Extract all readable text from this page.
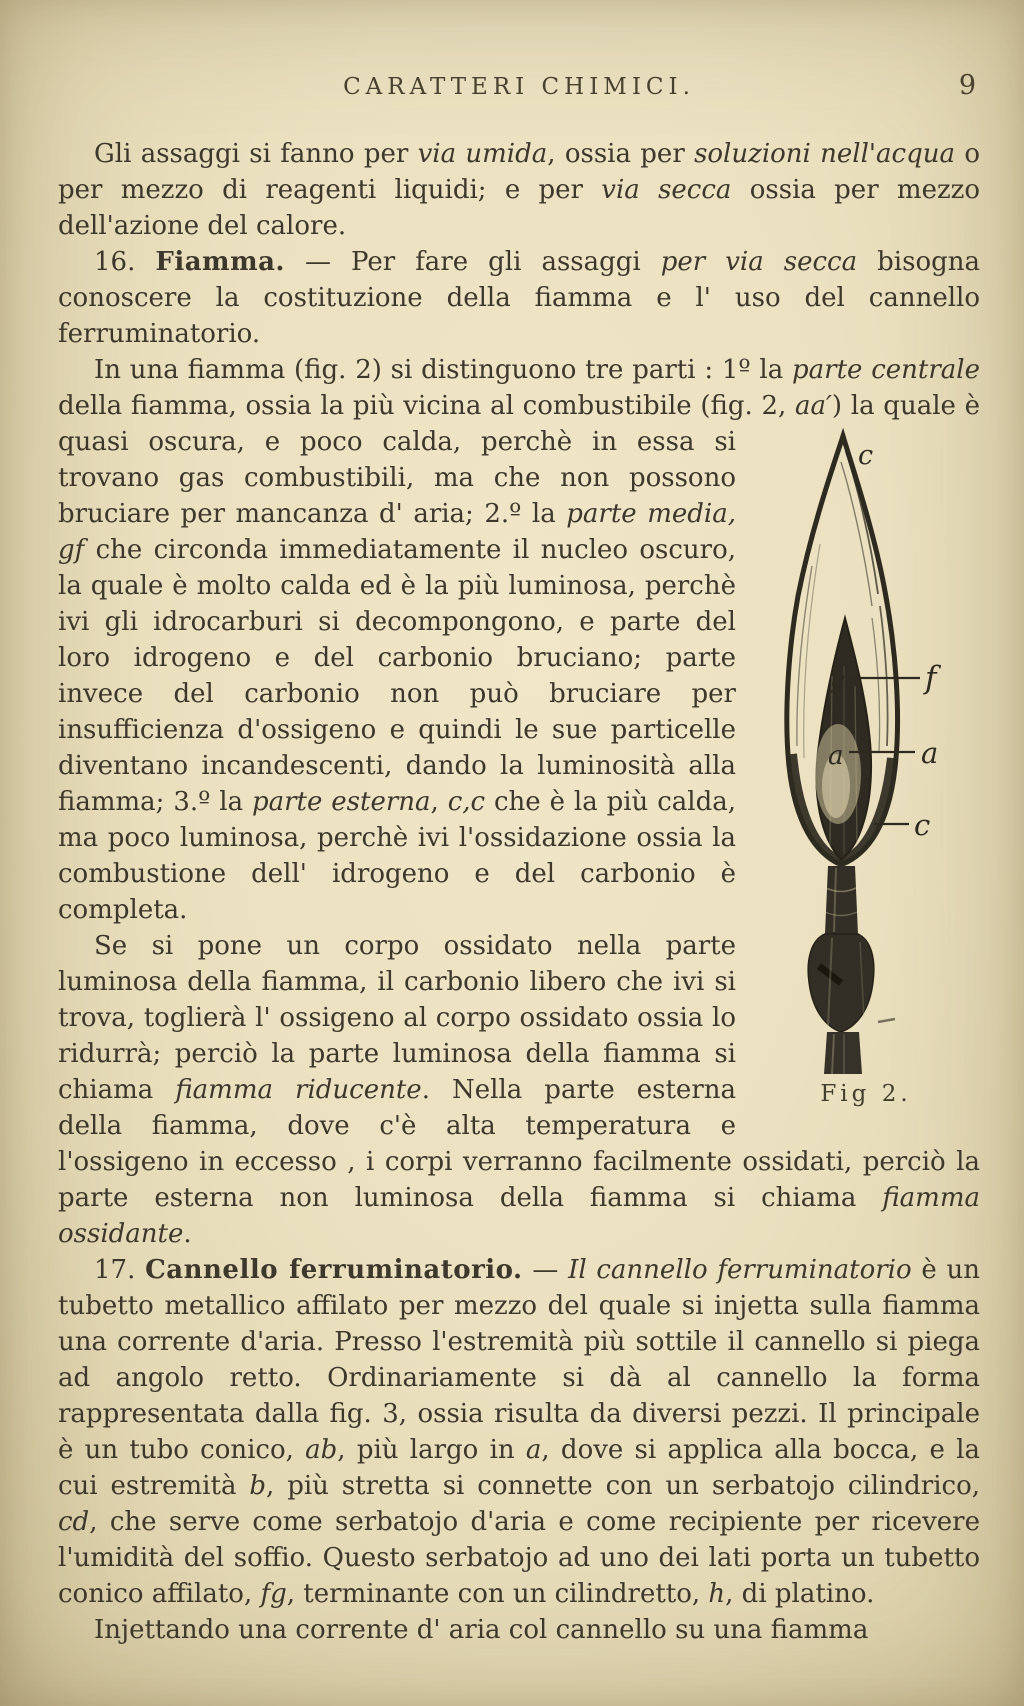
CARATTERI CHIMICI.	9

Gli assaggi si fanno per via umida, ossia per soluzioni nell'acqua o per mezzo di reagenti liquidi; e per via secca ossia per mezzo dell'azione del calore.

16. Fiamma. — Per fare gli assaggi per via secca bisogna conoscere la costituzione della fiamma e l' uso del cannello ferruminatorio.

In una fiamma (fig. 2) si distinguono tre parti : 1º la parte centrale della fiamma, ossia la più vicina al combustibile (fig. 2, aa′)
c
g	f
a	a
c
Fig 2.
la quale è quasi oscura, e poco calda, perchè in essa si trovano gas combustibili, ma che non possono bruciare per mancanza d' aria; 2.º la parte media, gf che circonda immediatamente il nucleo oscuro, la quale è molto calda ed è la più luminosa, perchè ivi gli idrocarburi si decompongono, e parte del loro idrogeno e del carbonio bruciano; parte invece del carbonio non può bruciare per insufficienza d'ossigeno e quindi le sue particelle diventano incandescenti, dando la luminosità alla fiamma; 3.º la parte esterna, c,c che è la più calda, ma poco luminosa, perchè ivi l'ossidazione ossia la combustione dell' idrogeno e del carbonio è completa.

Se si pone un corpo ossidato nella parte luminosa della fiamma, il carbonio libero che ivi si trova, toglierà l' ossigeno al corpo ossidato ossia lo ridurrà; perciò la parte luminosa della fiamma si chiama fiamma riducente. Nella parte esterna della fiamma, dove c'è alta temperatura e l'ossigeno in eccesso , i corpi verranno facilmente ossidati, perciò la parte esterna non luminosa della fiamma si chiama fiamma ossidante.

17. Cannello ferruminatorio. — Il cannello ferruminatorio è un tubetto metallico affilato per mezzo del quale si injetta sulla fiamma una corrente d'aria. Presso l'estremità più sottile il cannello si piega ad angolo retto. Ordinariamente si dà al cannello la forma rappresentata dalla fig. 3, ossia risulta da diversi pezzi. Il principale è un tubo conico, ab, più largo in a, dove si applica alla bocca, e la cui estremità b, più stretta si connette con un serbatojo cilindrico, cd, che serve come serbatojo d'aria e come recipiente per ricevere l'umidità del soffio. Questo serbatojo ad uno dei lati porta un tubetto conico affilato, fg, terminante con un cilindretto, h, di platino.

Injettando una corrente d' aria col cannello su una fiamma
